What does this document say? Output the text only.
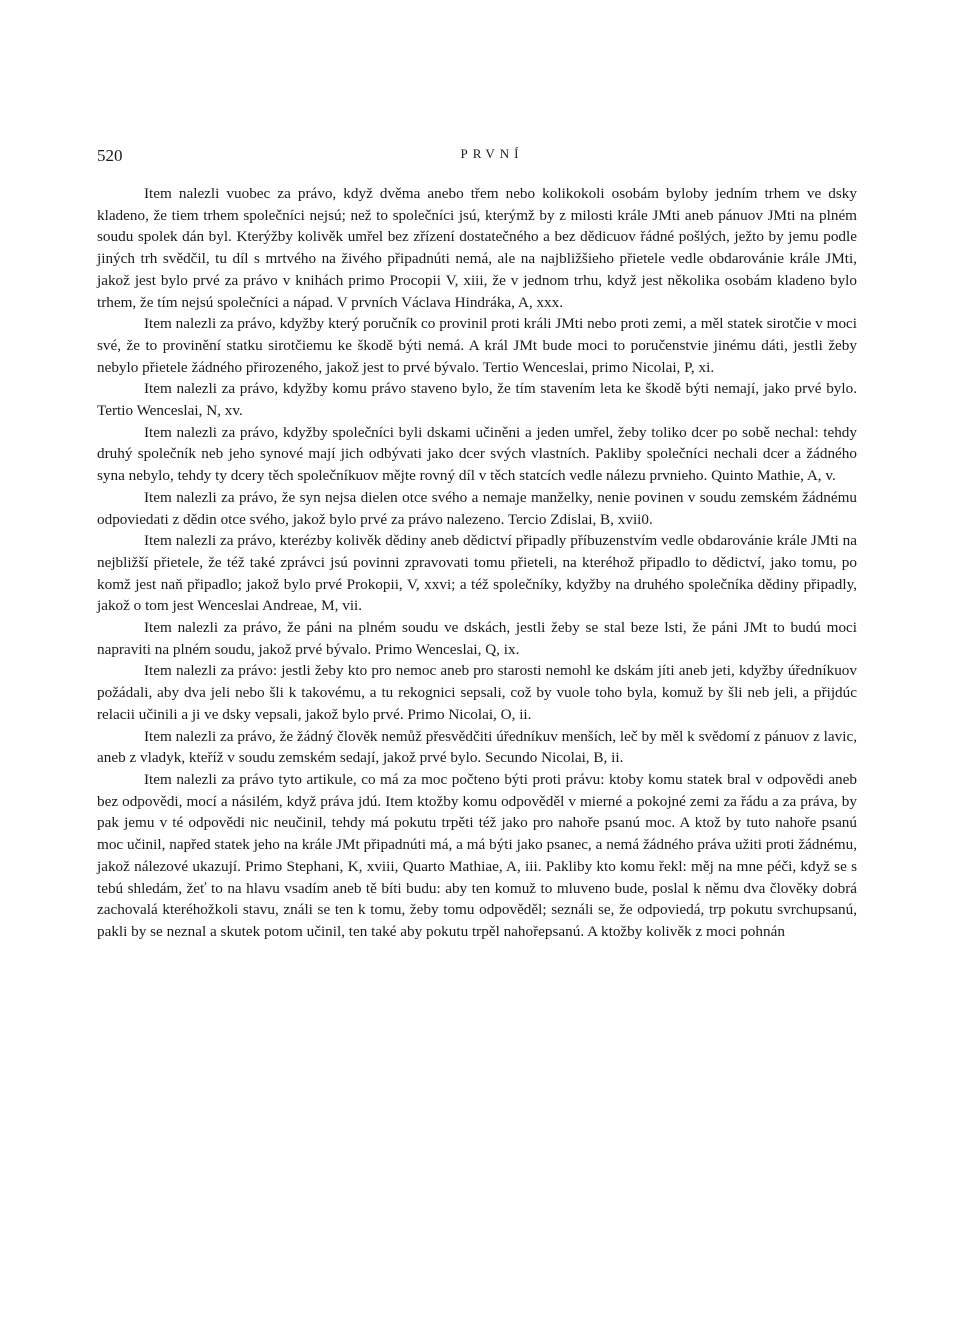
520	PRVNÍ

Item nalezli vuobec za právo, když dvěma anebo třem nebo kolikokoli osobám byloby jedním trhem ve dsky kladeno, že tiem trhem společníci nejsú; než to společníci jsú, kterýmž by z milosti krále JMti aneb pánuov JMti na plném soudu spolek dán byl. Kterýžby kolivěk umřel bez zřízení dostatečného a bez dědicuov řádné pošlých, ježto by jemu podle jiných trh svědčil, tu díl s mrtvého na živého připadnúti nemá, ale na najbližšieho přietele vedle obdarovánie krále JMti, jakož jest bylo prvé za právo v knihách primo Procopii V, xiii, že v jednom trhu, když jest několika osobám kladeno bylo trhem, že tím nejsú společníci a nápad. V prvních Václava Hindráka, A, xxx.

Item nalezli za právo, kdyžby který poručník co provinil proti králi JMti nebo proti zemi, a měl statek sirotčie v moci své, že to provinění statku sirotčiemu ke škodě býti nemá. A král JMt bude moci to poručenstvie jinému dáti, jestli žeby nebylo přietele žádného přirozeného, jakož jest to prvé bývalo. Tertio Wenceslai, primo Nicolai, P, xi.

Item nalezli za právo, kdyžby komu právo staveno bylo, že tím stavením leta ke škodě býti nemají, jako prvé bylo. Tertio Wenceslai, N, xv.

Item nalezli za právo, kdyžby společníci byli dskami učiněni a jeden umřel, žeby toliko dcer po sobě nechal: tehdy druhý společník neb jeho synové mají jich odbývati jako dcer svých vlastních. Pakliby společníci nechali dcer a žádného syna nebylo, tehdy ty dcery těch společníkuov mějte rovný díl v těch statcích vedle nálezu prvnieho. Quinto Mathie, A, v.

Item nalezli za právo, že syn nejsa dielen otce svého a nemaje manželky, nenie povinen v soudu zemském žádnému odpoviedati z dědin otce svého, jakož bylo prvé za právo nalezeno. Tercio Zdislai, B, xvii0.

Item nalezli za právo, kterézby kolivěk dědiny aneb dědictví připadly příbuzenstvím vedle obdarovánie krále JMti na nejbližší přietele, že též také zprávci jsú povinni zpravovati tomu přieteli, na kteréhož připadlo to dědictví, jako tomu, po komž jest naň připadlo; jakož bylo prvé Prokopii, V, xxvi; a též společníky, kdyžby na druhého společníka dědiny připadly, jakož o tom jest Wenceslai Andreae, M, vii.

Item nalezli za právo, že páni na plném soudu ve dskách, jestli žeby se stal beze lsti, že páni JMt to budú moci napraviti na plném soudu, jakož prvé bývalo. Primo Wenceslai, Q, ix.

Item nalezli za právo: jestli žeby kto pro nemoc aneb pro starosti nemohl ke dskám jíti aneb jeti, kdyžby úředníkuov požádali, aby dva jeli nebo šli k takovému, a tu rekognici sepsali, což by vuole toho byla, komuž by šli neb jeli, a přijdúc relacii učinili a ji ve dsky vepsali, jakož bylo prvé. Primo Nicolai, O, ii.

Item nalezli za právo, že žádný člověk nemůž přesvědčiti úředníkuv menších, leč by měl k svědomí z pánuov z lavic, aneb z vladyk, kteříž v soudu zemském sedají, jakož prvé bylo. Secundo Nicolai, B, ii.

Item nalezli za právo tyto artikule, co má za moc počteno býti proti právu: ktoby komu statek bral v odpovědi aneb bez odpovědi, mocí a násilém, když práva jdú. Item ktožby komu odpověděl v mierné a pokojné zemi za řádu a za práva, by pak jemu v té odpovědi nic neučinil, tehdy má pokutu trpěti též jako pro nahoře psanú moc. A ktož by tuto nahoře psanú moc učinil, napřed statek jeho na krále JMt připadnúti má, a má býti jako psanec, a nemá žádného práva užiti proti žádnému, jakož nálezové ukazují. Primo Stephani, K, xviii, Quarto Mathiae, A, iii. Pakliby kto komu řekl: měj na mne péči, když se s tebú shledám, žeť to na hlavu vsadím aneb tě bíti budu: aby ten komuž to mluveno bude, poslal k němu dva člověky dobrá zachovalá kteréhožkoli stavu, ználi se ten k tomu, žeby tomu odpověděl; seználi se, že odpoviedá, trp pokutu svrchupsanú, pakli by se neznal a skutek potom učinil, ten také aby pokutu trpěl nahořepsanú. A ktožby kolivěk z moci pohnán
